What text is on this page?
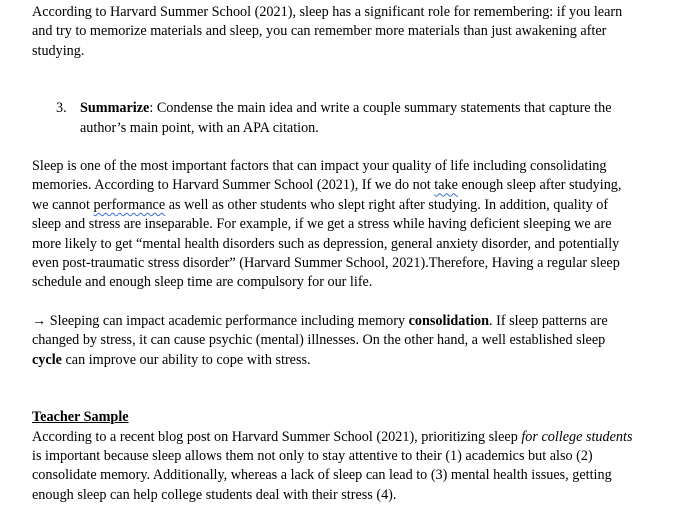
According to Harvard Summer School (2021), sleep has a significant role for remembering: if you learn
and try to memorize materials and sleep, you can remember more materials than just awakening after
studying.

3. Summarize: Condense the main idea and write a couple summary statements that capture the
author’s main point, with an APA citation.

Sleep is one of the most important factors that can impact your quality of life including consolidating
memories. According to Harvard Summer School (2021), If we do not take enough sleep after studying,
we cannot performance as well as other students who slept right after studying. In addition, quality of
sleep and stress are inseparable. For example, if we get a stress while having deficient sleeping we are
more likely to get “mental health disorders such as depression, general anxiety disorder, and potentially
even post-traumatic stress disorder” (Harvard Summer School, 2021).Therefore, Having a regular sleep
schedule and enough sleep time are compulsory for our life.

→ Sleeping can impact academic performance including memory consolidation. If sleep patterns are
changed by stress, it can cause psychic (mental) illnesses. On the other hand, a well established sleep
cycle can improve our ability to cope with stress.

Teacher Sample

According to a recent blog post on Harvard Summer School (2021), prioritizing sleep for college students
is important because sleep allows them not only to stay attentive to their (1) academics but also (2)
consolidate memory. Additionally, whereas a lack of sleep can lead to (3) mental health issues, getting
enough sleep can help college students deal with their stress (4).
